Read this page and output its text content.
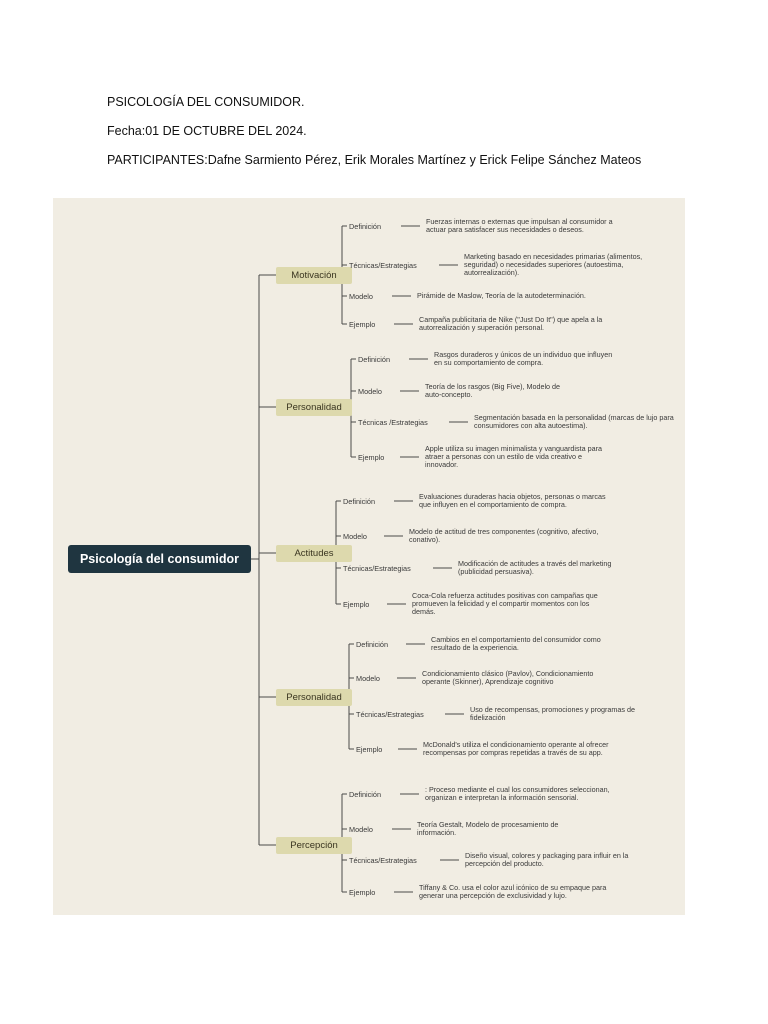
PSICOLOGÍA DEL CONSUMIDOR.
Fecha:01 DE OCTUBRE DEL 2024.
PARTICIPANTES:Dafne Sarmiento Pérez, Erik Morales Martínez y Erick Felipe Sánchez Mateos
Psicología del consumidor
Motivación
Definición
Fuerzas internas o externas que impulsan al consumidor a actuar para satisfacer sus necesidades o deseos.
Técnicas/Estrategias
Marketing basado en necesidades primarias (alimentos, seguridad) o necesidades superiores (autoestima, autorrealización).
Modelo	Pirámide de Maslow, Teoría de la autodeterminación.
Ejemplo
Campaña publicitaria de Nike ("Just Do It") que apela a la autorrealización y superación personal.
Personalidad
Definición
Rasgos duraderos y únicos de un individuo que influyen en su comportamiento de compra.
Modelo
Teoría de los rasgos (Big Five), Modelo de auto-concepto.
Técnicas /Estrategias
Segmentación basada en la personalidad (marcas de lujo para consumidores con alta autoestima).
Ejemplo
Apple utiliza su imagen minimalista y vanguardista para atraer a personas con un estilo de vida creativo e innovador.
Actitudes
Definición
Evaluaciones duraderas hacia objetos, personas o marcas que influyen en el comportamiento de compra.
Modelo
Modelo de actitud de tres componentes (cognitivo, afectivo, conativo).
Técnicas/Estrategias
Modificación de actitudes a través del marketing (publicidad persuasiva).
Ejemplo
Coca-Cola refuerza actitudes positivas con campañas que promueven la felicidad y el compartir momentos con los demás.
Personalidad
Definición
Cambios en el comportamiento del consumidor como resultado de la experiencia.
Modelo
Condicionamiento clásico (Pavlov), Condicionamiento operante (Skinner), Aprendizaje cognitivo
Técnicas/Estrategias
Uso de recompensas, promociones y programas de fidelización
Ejemplo
McDonald's utiliza el condicionamiento operante al ofrecer recompensas por compras repetidas a través de su app.
Percepción
Definición
: Proceso mediante el cual los consumidores seleccionan, organizan e interpretan la información sensorial.
Modelo
Teoría Gestalt, Modelo de procesamiento de información.
Técnicas/Estrategias
Diseño visual, colores y packaging para influir en la percepción del producto.
Ejemplo
Tiffany & Co. usa el color azul icónico de su empaque para generar una percepción de exclusividad y lujo.
